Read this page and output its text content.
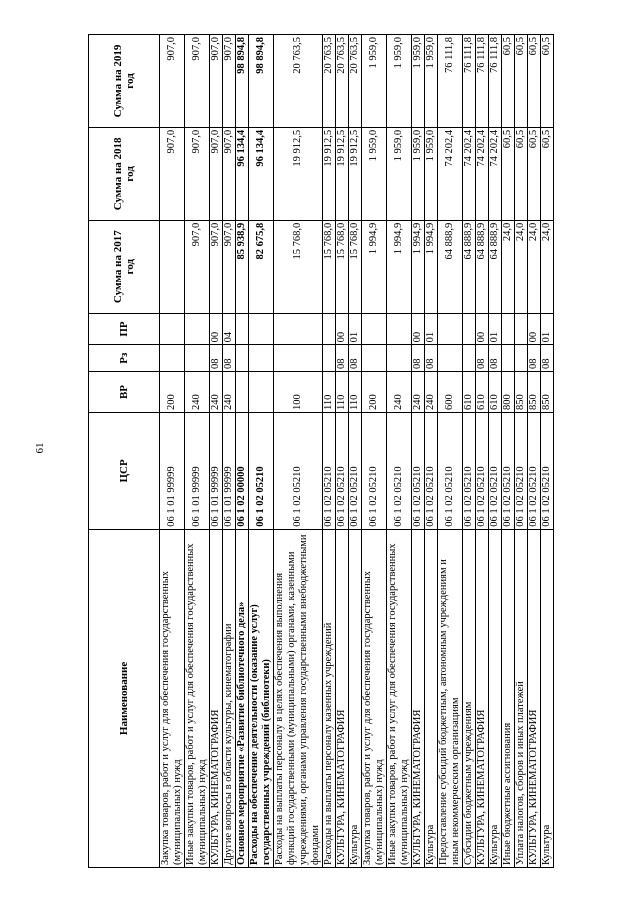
61
Наименование	ЦСР	ВР	Рз	ПР	Сумма на 2017 год	Сумма на 2018 год	Сумма на 2019 год
Закупка товаров, работ и услуг для обеспечения государственных (муниципальных) нужд	06 1 01 99999	200				907,0	907,0
Иные закупки товаров, работ и услуг для обеспечения государственных (муниципальных) нужд	06 1 01 99999	240			907,0	907,0	907,0
КУЛЬТУРА, КИНЕМАТОГРАФИЯ	06 1 01 99999	240	08	00	907,0	907,0	907,0
Другие вопросы в области культуры, кинематографии	06 1 01 99999	240	08	04	907,0	907,0	907,0
Основное мероприятие «Развитие библиотечного дела»	06 1 02 00000				85 938,9	96 134,4	98 894,8
Расходы на обеспечение деятельности (оказание услуг) государственных учреждений (библиотеки)	06 1 02 05210				82 675,8	96 134,4	98 894,8
Расходы на выплаты персоналу в целях обеспечения выполнения функций государственными (муниципальными) органами, казенными учреждениями, органами управления государственными внебюджетными фондами	06 1 02 05210	100			15 768,0	19 912,5	20 763,5
Расходы на выплаты персоналу казенных учреждений	06 1 02 05210	110			15 768,0	19 912,5	20 763,5
КУЛЬТУРА, КИНЕМАТОГРАФИЯ	06 1 02 05210	110	08	00	15 768,0	19 912,5	20 763,5
Культура	06 1 02 05210	110	08	01	15 768,0	19 912,5	20 763,5
Закупка товаров, работ и услуг для обеспечения государственных (муниципальных) нужд	06 1 02 05210	200			1 994,9	1 959,0	1 959,0
Иные закупки товаров, работ и услуг для обеспечения государственных (муниципальных) нужд	06 1 02 05210	240			1 994,9	1 959,0	1 959,0
КУЛЬТУРА, КИНЕМАТОГРАФИЯ	06 1 02 05210	240	08	00	1 994,9	1 959,0	1 959,0
Культура	06 1 02 05210	240	08	01	1 994,9	1 959,0	1 959,0
Предоставление субсидий бюджетным, автономным учреждениям и иным некоммерческим организациям	06 1 02 05210	600			64 888,9	74 202,4	76 111,8
Субсидии бюджетным учреждениям	06 1 02 05210	610			64 888,9	74 202,4	76 111,8
КУЛЬТУРА, КИНЕМАТОГРАФИЯ	06 1 02 05210	610	08	00	64 888,9	74 202,4	76 111,8
Культура	06 1 02 05210	610	08	01	64 888,9	74 202,4	76 111,8
Иные бюджетные ассигнования	06 1 02 05210	800			24,0	60,5	60,5
Уплата налогов, сборов и иных платежей	06 1 02 05210	850			24,0	60,5	60,5
КУЛЬТУРА, КИНЕМАТОГРАФИЯ	06 1 02 05210	850	08	00	24,0	60,5	60,5
Культура	06 1 02 05210	850	08	01	24,0	60,5	60,5
